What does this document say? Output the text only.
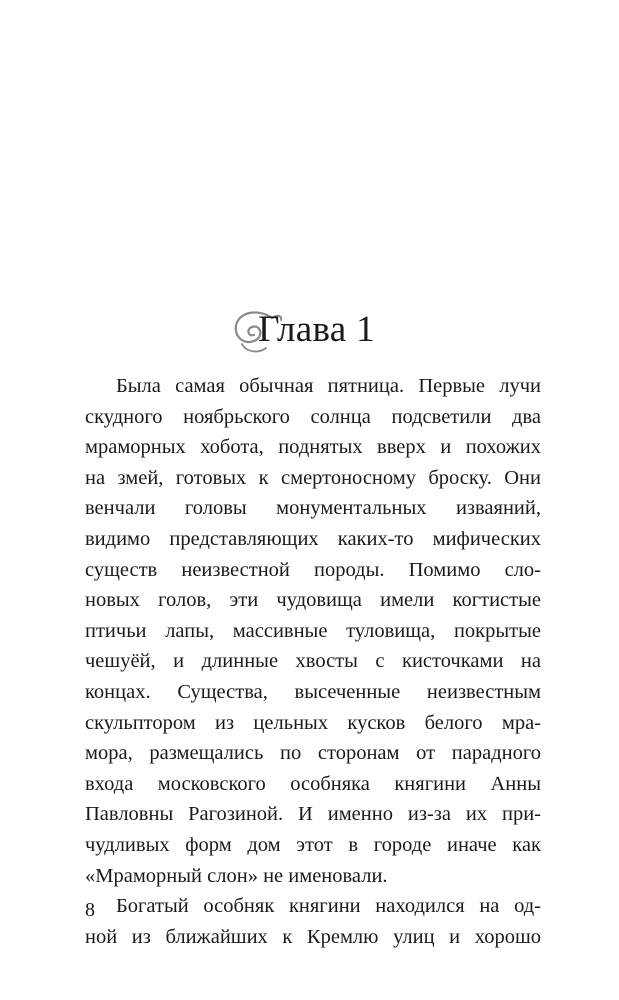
Глава 1
Была самая обычная пятница. Первые лучи
скудного ноябрьского солнца подсветили два
мраморных хобота, поднятых вверх и похожих
на змей, готовых к смертоносному броску. Они
венчали головы монументальных изваяний,
видимо представляющих каких-то мифических
существ неизвестной породы. Помимо сло-
новых голов, эти чудовища имели когтистые
птичьи лапы, массивные туловища, покрытые
чешуёй, и длинные хвосты с кисточками на
концах. Существа, высеченные неизвестным
скульптором из цельных кусков белого мра-
мора, размещались по сторонам от парадного
входа московского особняка княгини Анны
Павловны Рагозиной. И именно из-за их при-
чудливых форм дом этот в городе иначе как
«Мраморный слон» не именовали.
Богатый особняк княгини находился на од-
ной из ближайших к Кремлю улиц и хорошо
8
